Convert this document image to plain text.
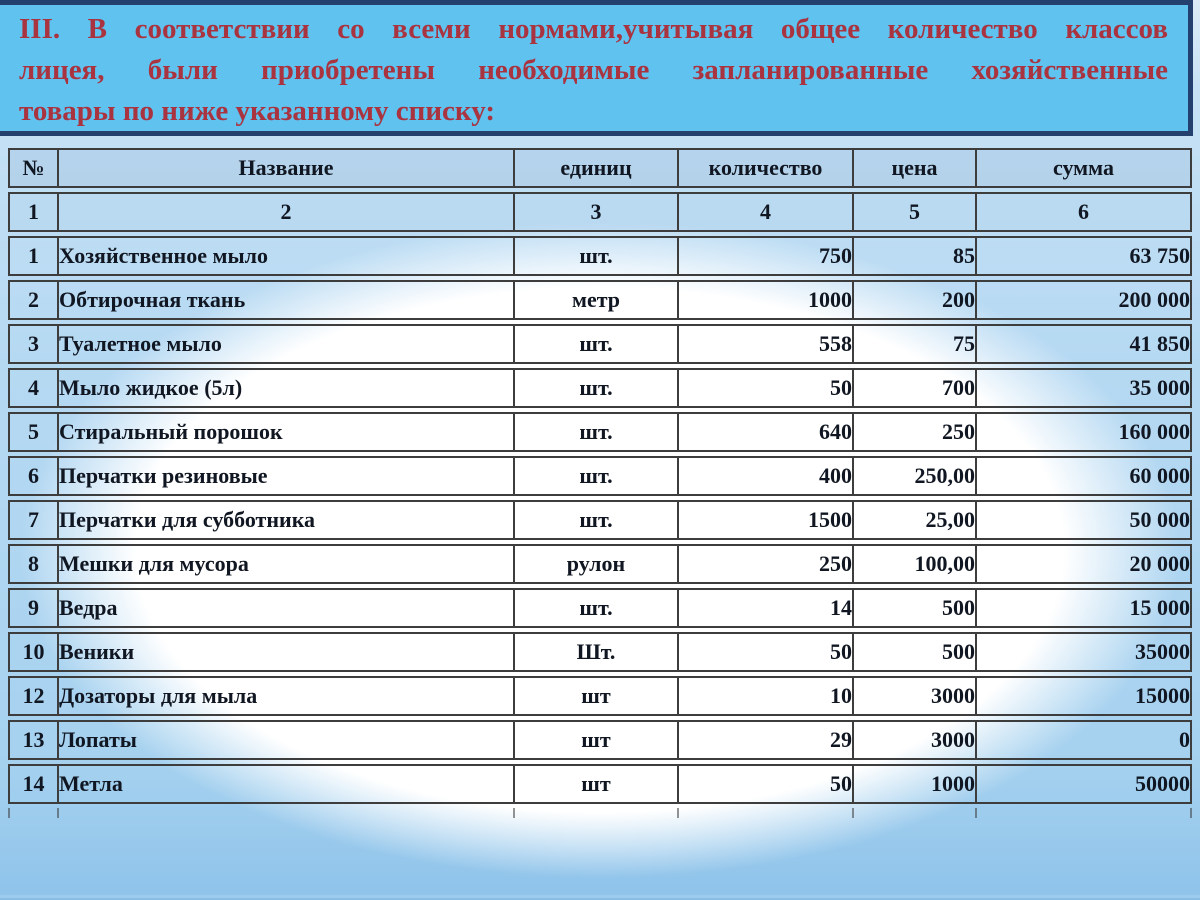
III. В соответствии со всеми нормами,учитывая общее количество классов
лицея, были приобретены необходимые запланированные хозяйственные
товары по ниже указанному списку:
№	Название	единиц	количество	цена	сумма
1	2	3	4	5	6
1	Хозяйственное мыло	шт.	750	85	63 750
2	Обтирочная ткань	метр	1000	200	200 000
3	Туалетное мыло	шт.	558	75	41 850
4	Мыло жидкое (5л)	шт.	50	700	35 000
5	Стиральный порошок	шт.	640	250	160 000
6	Перчатки резиновые	шт.	400	250,00	60 000
7	Перчатки для субботника	шт.	1500	25,00	50 000
8	Мешки для мусора	рулон	250	100,00	20 000
9	Ведра	шт.	14	500	15 000
10	Веники	Шт.	50	500	35000
12	Дозаторы для мыла	шт	10	3000	15000
13	Лопаты	шт	29	3000	0
14	Метла	шт	50	1000	50000
